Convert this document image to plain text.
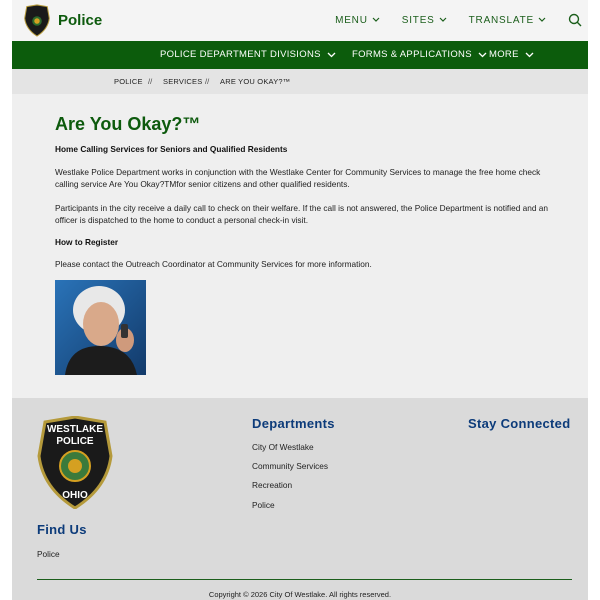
Police	MENU	SITES	TRANSLATE
POLICE DEPARTMENT DIVISIONS	FORMS & APPLICATIONS MORE
POLICE // SERVICES // ARE YOU OKAY?™
Are You Okay?™
Home Calling Services for Seniors and Qualified Residents

Westlake Police Department works in conjunction with the Westlake Center for Community Services to manage the free home check calling service Are You Okay?TMfor senior citizens and other qualified residents.

Participants in the city receive a daily call to check on their welfare. If the call is not answered, the Police Department is notified and an officer is dispatched to the home to conduct a personal check-in visit.

How to Register

Please contact the Outreach Coordinator at Community Services for more information.

WESTLAKE
POLICE
OHIO
Departments
City Of Westlake
Community Services
Recreation
Police
Stay Connected
Find Us
Police
Copyright © 2026 City Of Westlake. All rights reserved.
